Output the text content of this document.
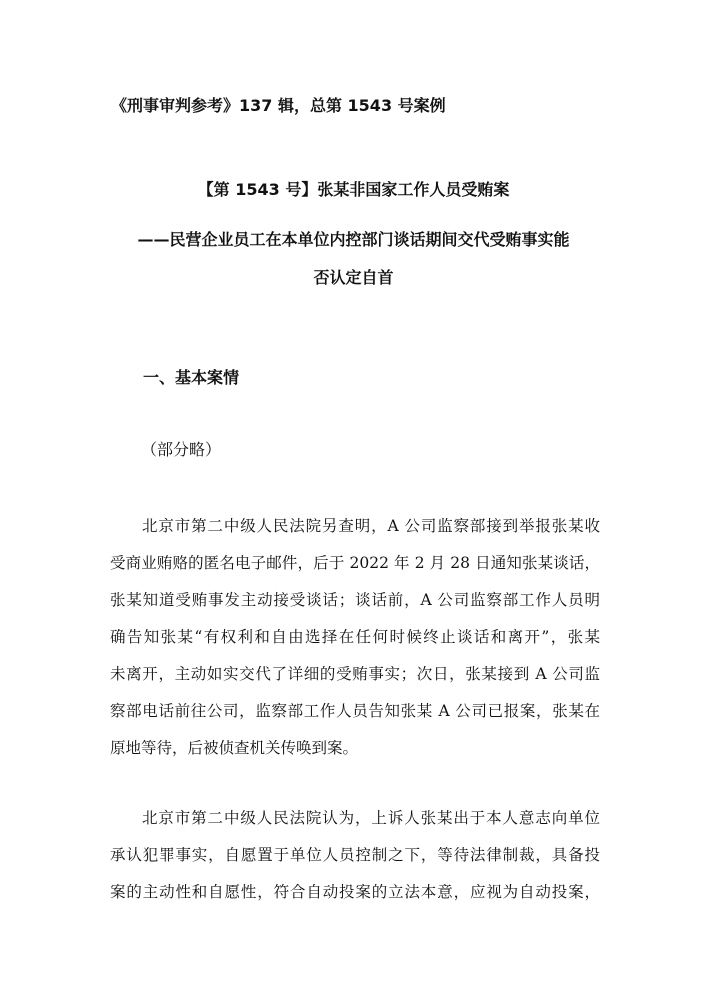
《刑事审判参考》137 辑，总第 1543 号案例
【第 1543 号】张某非国家工作人员受贿案
——民营企业员工在本单位内控部门谈话期间交代受贿事实能
否认定自首
一、基本案情
（部分略）
北京市第二中级人民法院另查明，A 公司监察部接到举报张某收
受商业贿赂的匿名电子邮件，后于 2022 年 2 月 28 日通知张某谈话，
张某知道受贿事发主动接受谈话；谈话前，A 公司监察部工作人员明
确告知张某“有权利和自由选择在任何时候终止谈话和离开”，张某
未离开，主动如实交代了详细的受贿事实；次日，张某接到 A 公司监
察部电话前往公司，监察部工作人员告知张某 A 公司已报案，张某在
原地等待，后被侦查机关传唤到案。
北京市第二中级人民法院认为，上诉人张某出于本人意志向单位
承认犯罪事实，自愿置于单位人员控制之下，等待法律制裁，具备投
案的主动性和自愿性，符合自动投案的立法本意，应视为自动投案，
